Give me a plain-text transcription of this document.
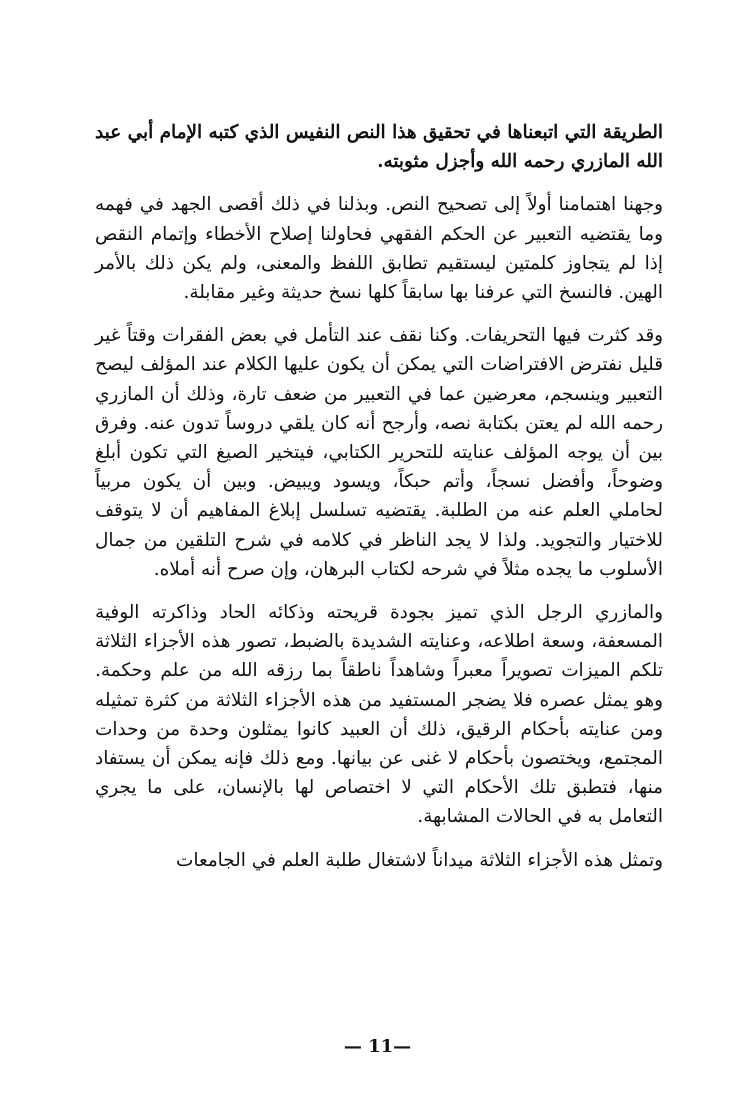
الطريقة التي اتبعناها في تحقيق هذا النص النفيس الذي كتبه الإمام أبي عبد الله المازري رحمه الله وأجزل مثوبته.

وجهنا اهتمامنا أولاً إلى تصحيح النص. وبذلنا في ذلك أقصى الجهد في فهمه وما يقتضيه التعبير عن الحكم الفقهي فحاولنا إصلاح الأخطاء وإتمام النقص إذا لم يتجاوز كلمتين ليستقيم تطابق اللفظ والمعنى، ولم يكن ذلك بالأمر الهين. فالنسخ التي عرفنا بها سابقاً كلها نسخ حديثة وغير مقابلة.

وقد كثرت فيها التحريفات. وكنا نقف عند التأمل في بعض الفقرات وقتاً غير قليل نفترض الافتراضات التي يمكن أن يكون عليها الكلام عند المؤلف ليصح التعبير وينسجم، معرضين عما في التعبير من ضعف تارة، وذلك أن المازري رحمه الله لم يعتن بكتابة نصه، وأرجح أنه كان يلقي دروساً تدون عنه. وفرق بين أن يوجه المؤلف عنايته للتحرير الكتابي، فيتخير الصيغ التي تكون أبلغ وضوحاً، وأفضل نسجاً، وأتم حبكاً، ويسود ويبيض. وبين أن يكون مربياً لحاملي العلم عنه من الطلبة. يقتضيه تسلسل إبلاغ المفاهيم أن لا يتوقف للاختيار والتجويد. ولذا لا يجد الناظر في كلامه في شرح التلقين من جمال الأسلوب ما يجده مثلاً في شرحه لكتاب البرهان، وإن صرح أنه أملاه.

والمازري الرجل الذي تميز بجودة قريحته وذكائه الحاد وذاكرته الوفية المسعفة، وسعة اطلاعه، وعنايته الشديدة بالضبط، تصور هذه الأجزاء الثلاثة تلكم الميزات تصويراً معبراً وشاهداً ناطقاً بما رزقه الله من علم وحكمة. وهو يمثل عصره فلا يضجر المستفيد من هذه الأجزاء الثلاثة من كثرة تمثيله ومن عنايته بأحكام الرقيق، ذلك أن العبيد كانوا يمثلون وحدة من وحدات المجتمع، ويختصون بأحكام لا غنى عن بيانها. ومع ذلك فإنه يمكن أن يستفاد منها، فتطبق تلك الأحكام التي لا اختصاص لها بالإنسان، على ما يجري التعامل به في الحالات المشابهة.

وتمثل هذه الأجزاء الثلاثة ميداناً لاشتغال طلبة العلم في الجامعات

— 11—
